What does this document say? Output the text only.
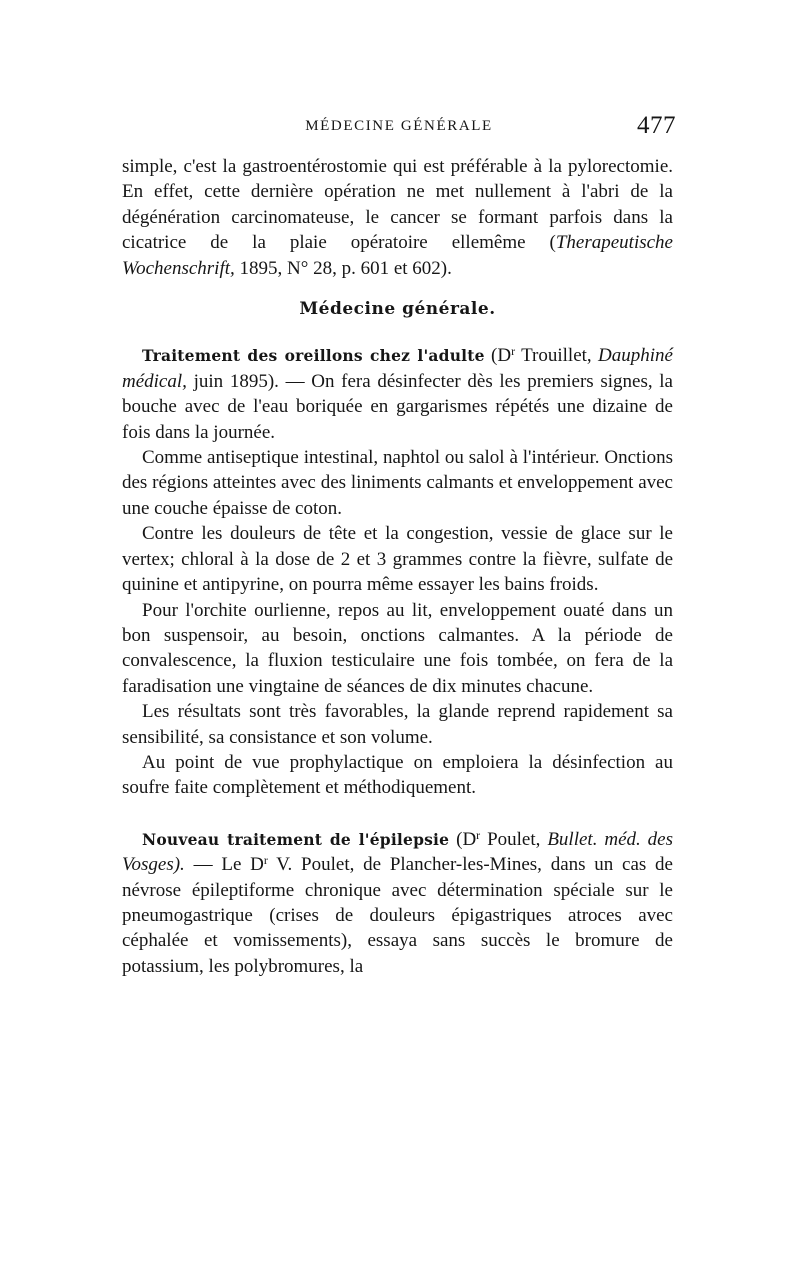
MÉDECINE GÉNÉRALE	477

simple, c'est la gastroentérostomie qui est préférable à la pylorectomie. En effet, cette dernière opération ne met nullement à l'abri de la dégénération carcinomateuse, le cancer se formant parfois dans la cicatrice de la plaie opératoire ellemême (Therapeutische Wochenschrift, 1895, N° 28, p. 601 et 602).

Médecine générale.

Traitement des oreillons chez l'adulte ($D^r$ Trouillet, Dauphiné médical, juin 1895). — On fera désinfecter dès les premiers signes, la bouche avec de l'eau boriquée en gargarismes répétés une dizaine de fois dans la journée.

Comme antiseptique intestinal, naphtol ou salol à l'intérieur. Onctions des régions atteintes avec des liniments calmants et enveloppement avec une couche épaisse de coton.

Contre les douleurs de tête et la congestion, vessie de glace sur le vertex; chloral à la dose de 2 et 3 grammes contre la fièvre, sulfate de quinine et antipyrine, on pourra même essayer les bains froids.

Pour l'orchite ourlienne, repos au lit, enveloppement ouaté dans un bon suspensoir, au besoin, onctions calmantes. A la période de convalescence, la fluxion testiculaire une fois tombée, on fera de la faradisation une vingtaine de séances de dix minutes chacune.

Les résultats sont très favorables, la glande reprend rapidement sa sensibilité, sa consistance et son volume.

Au point de vue prophylactique on emploiera la désinfection au soufre faite complètement et méthodiquement.

Nouveau traitement de l'épilepsie ($D^r$ Poulet, Bullet. méd. des Vosges). — Le $D^r$ V. Poulet, de Plancher-les-Mines, dans un cas de névrose épileptiforme chronique avec détermination spéciale sur le pneumogastrique (crises de douleurs épigastriques atroces avec céphalée et vomissements), essaya sans succès le bromure de potassium, les polybromures, la
